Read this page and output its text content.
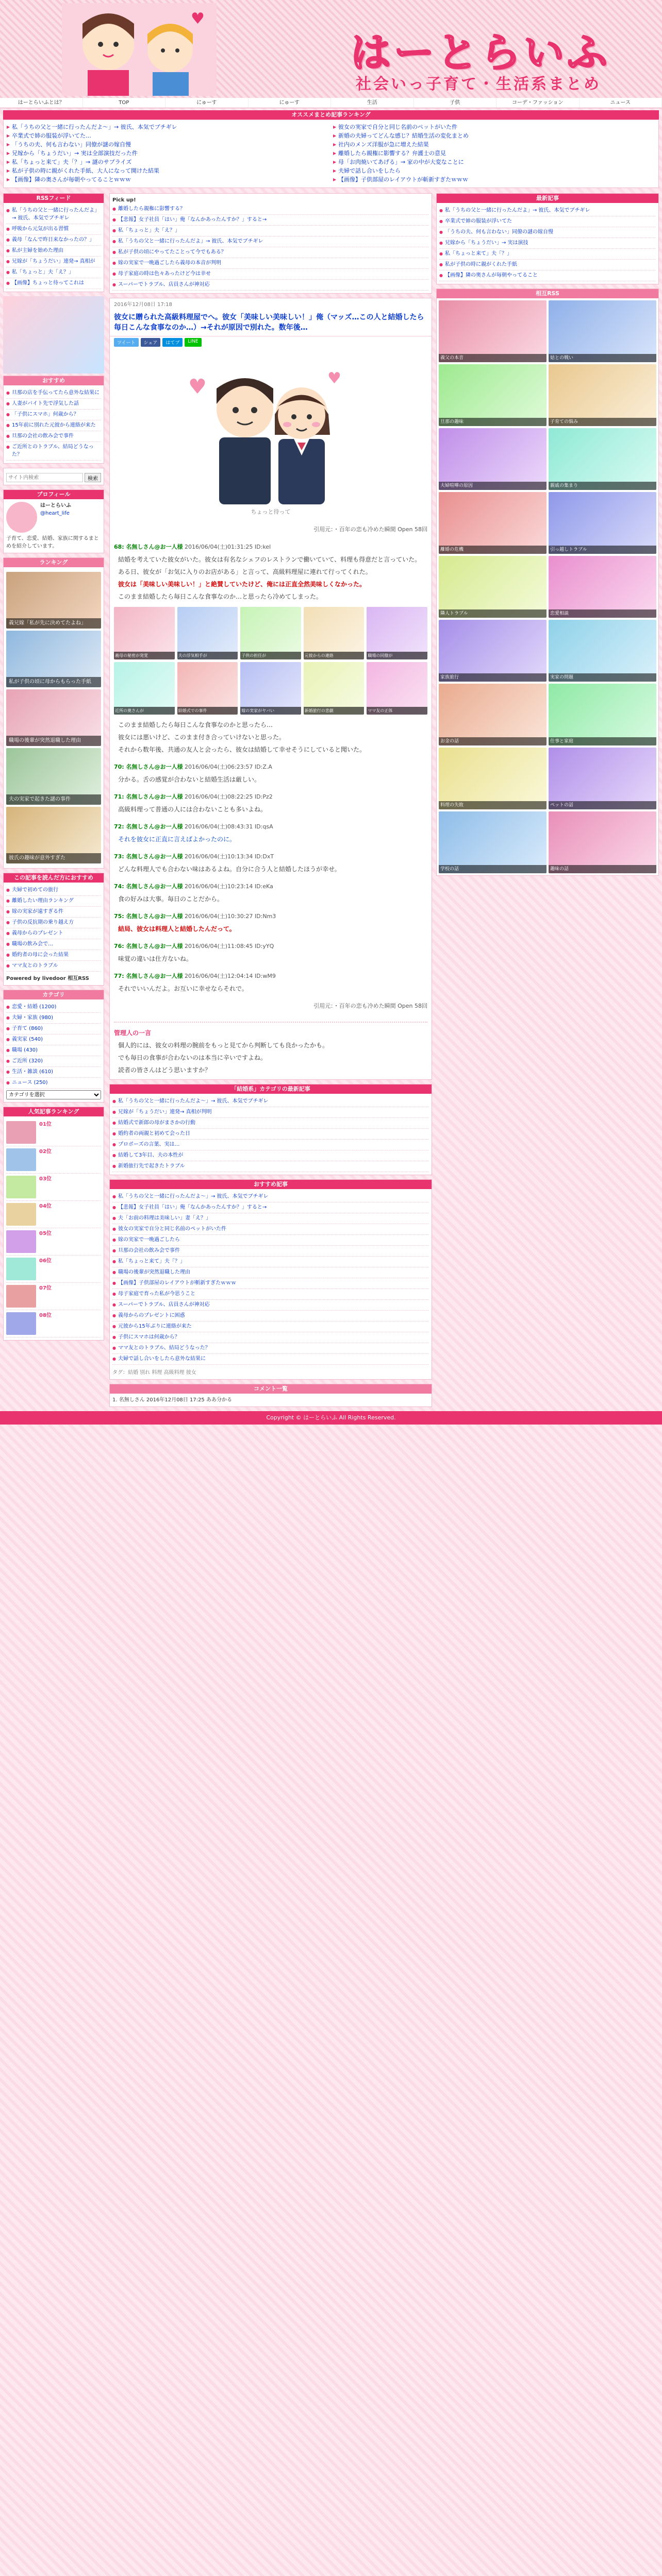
♥
はーとらいふ
社会いっ子育て・生活系まとめ
はーとらいふとは？	TOP	にゅーす	にゅーす	生活	子供	コーデ・ファッション	ニュース
オススメまとめ記事ランキング
▶ 私「うちの父と一緒に行ったんだよ～」→ 彼氏、本気でブチギレ
▶ 卒業式で姉の服装が浮いてた…
▶ 「うちの夫、何も言わない」同僚が謎の嫁自慢
▶ 兄嫁から「ちょうだい」→ 実は全部演技だった件
▶ 私「ちょっと来て」夫「？」→ 謎のサプライズ
▶ 私が子供の時に親がくれた手紙、大人になって開けた結果
▶ 【画像】隣の奥さんが毎朝やってることｗｗｗ
▶ 彼女の実家で自分と同じ名前のペットがいた件
▶ 新婚の夫婦ってどんな感じ？結婚生活の変化まとめ
▶ 社内のメンズ洋服が急に増えた結果
▶ 離婚したら親権に影響する？弁護士の意見
▶ 母「お肉焼いてあげる」→ 家の中が大変なことに
▶ 夫婦で話し合いをしたら
▶ 【画像】子供部屋のレイアウトが斬新すぎたｗｗｗ
RSSフィード
● 私「うちの父と一緒に行ったんだよ」→ 彼氏、本気でブチギレ
● 呼吸から元気が出る習慣
● 義母「なんで昨日来なかったの？」
● 私が主婦を始めた理由
● 兄嫁が「ちょうだい」連発→ 真相が
● 私「ちょっと」夫「え？」
● 【画像】ちょっと待ってこれは
おすすめ
● 旦那の店を手伝ってたら意外な結果に
● 人妻がバイト先で浮気した話
● 「子供にスマホ」何歳から？
● 15年前に別れた元彼から連絡が来た
● 旦那の会社の飲み会で事件
● ご近所とのトラブル、結局どうなった？
サイト内検索
検索
プロフィール
はーとらいふ
@heart_life
子育て、恋愛、結婚、家族に関するまとめを紹介しています。
ランキング
義兄嫁「私が先に決めてたよね」
私が子供の頃に母からもらった手紙
職場の後輩が突然退職した理由
夫の実家で起きた謎の事件
彼氏の趣味が意外すぎた
この記事を読んだ方におすすめ
● 夫婦で初めての旅行
● 離婚したい理由ランキング
● 嫁の実家が遠すぎる件
● 子供の反抗期の乗り越え方
● 義母からのプレゼント
● 職場の飲み会で…
● 婚約者の母に会った結果
● ママ友とのトラブル
Powered by livedoor 相互RSS
カテゴリ
● 恋愛・結婚 (1200)
● 夫婦・家族 (980)
● 子育て (860)
● 義実家 (540)
● 職場 (430)
● ご近所 (320)
● 生活・雑談 (610)
● ニュース (250)
カテゴリを選択
人気記事ランキング
01位
02位
03位
04位
05位
06位
07位
08位
Pick up!
● 離婚したら親権に影響する？
● 【悲報】女子社員「はい」俺「なんかあったんすか？」すると→
● 私「ちょっと」夫「え？」
● 私「うちの父と一緒に行ったんだよ」→ 彼氏、本気でブチギレ
● 私が子供の頃にやってたことって今でもある？
● 嫁の実家で一晩過ごしたら義母の本音が判明
● 母子家庭の時は色々あったけど今は幸せ
● スーパーでトラブル、店員さんが神対応
2016年12月08日 17:18
彼女に贈られた高級料理屋でへ。彼女「美味しい美味しい！」俺（マッズ…この人と結婚したら毎日こんな食事なのか…）→それが原因で別れた。数年後…
ツイート	シェア	はてブ	LINE
♥	♥
ちょっと待って
引用元：・百年の恋も冷めた瞬間 Open 58回
68: 名無しさん@お一人様 2016/06/04(土)01:31:25 ID:kel
結婚を考えていた彼女がいた。彼女は有名なシェフのレストランで働いていて、料理も得意だと言っていた。
ある日、彼女が「お気に入りのお店がある」と言って、高級料理屋に連れて行ってくれた。
彼女は「美味しい美味しい！」と絶賛していたけど、俺には正直全然美味しくなかった。
このまま結婚したら毎日こんな食事なのか…と思ったら冷めてしまった。
義母の秘密が発覚	夫の浮気相手が	子供の担任が	元彼からの連絡	職場の同僚が
近所の奥さんが	結婚式での事件	嫁の実家がヤバい	新婚旅行の悲劇	ママ友の正体
このまま結婚したら毎日こんな食事なのかと思ったら…
彼女には悪いけど、このまま付き合っていけないと思った。
それから数年後、共通の友人と会ったら、彼女は結婚して幸せそうにしていると聞いた。
70: 名無しさん@お一人様 2016/06/04(土)06:23:57 ID:Z.A
分かる。舌の感覚が合わないと結婚生活は厳しい。
71: 名無しさん@お一人様 2016/06/04(土)08:22:25 ID:Pz2
高級料理って普通の人には合わないことも多いよね。
72: 名無しさん@お一人様 2016/06/04(土)08:43:31 ID:qsA
それを彼女に正直に言えばよかったのに。
73: 名無しさん@お一人様 2016/06/04(土)10:13:34 ID:DxT
どんな料理人でも合わない味はあるよね。自分に合う人と結婚したほうが幸せ。
74: 名無しさん@お一人様 2016/06/04(土)10:23:14 ID:eKa
食の好みは大事。毎日のことだから。
75: 名無しさん@お一人様 2016/06/04(土)10:30:27 ID:Nm3
結局、彼女は料理人と結婚したんだって。
76: 名無しさん@お一人様 2016/06/04(土)11:08:45 ID:yYQ
味覚の違いは仕方ないね。
77: 名無しさん@お一人様 2016/06/04(土)12:04:14 ID:wM9
それでいいんだよ。お互いに幸せならそれで。
引用元：・百年の恋も冷めた瞬間 Open 58回
管理人の一言
個人的には、彼女の料理の腕前をもっと見てから判断しても良かったかも。
でも毎日の食事が合わないのは本当に辛いですよね。
読者の皆さんはどう思いますか？
「結婚系」カテゴリの最新記事
● 私「うちの父と一緒に行ったんだよ～」→ 彼氏、本気でブチギレ
● 兄嫁が「ちょうだい」連発→ 真相が判明
● 結婚式で新郎の母がまさかの行動
● 婚約者の両親と初めて会った日
● プロポーズの言葉、実は…
● 結婚して3年目、夫の本性が
● 新婚旅行先で起きたトラブル
おすすめ記事
● 私「うちの父と一緒に行ったんだよ～」→ 彼氏、本気でブチギレ
● 【悲報】女子社員「はい」俺「なんかあったんすか？」すると→
● 夫「お前の料理は美味しい」妻「え？」
● 彼女の実家で自分と同じ名前のペットがいた件
● 嫁の実家で一晩過ごしたら
● 旦那の会社の飲み会で事件
● 私「ちょっと来て」夫「？」
● 職場の後輩が突然退職した理由
● 【画像】子供部屋のレイアウトが斬新すぎたｗｗｗ
● 母子家庭で育った私が今思うこと
● スーパーでトラブル、店員さんが神対応
● 義母からのプレゼントに困惑
● 元彼から15年ぶりに連絡が来た
● 子供にスマホは何歳から？
● ママ友とのトラブル、結局どうなった？
● 夫婦で話し合いをしたら意外な結果に
タグ：結婚 別れ 料理 高級料理 彼女
コメント一覧
1. 名無しさん 2016年12月08日 17:25 ああ分かる
最新記事
● 私「うちの父と一緒に行ったんだよ」→ 彼氏、本気でブチギレ
● 卒業式で姉の服装が浮いてた
● 「うちの夫、何も言わない」同僚の謎の嫁自慢
● 兄嫁から「ちょうだい」→ 実は演技
● 私「ちょっと来て」夫「？」
● 私が子供の時に親がくれた手紙
● 【画像】隣の奥さんが毎朝やってること
相互RSS
義父の本音	姑との戦い
旦那の趣味	子育ての悩み
夫婦喧嘩の原因	親戚の集まり
離婚の危機	引っ越しトラブル
隣人トラブル	恋愛相談
家族旅行	実家の問題
お金の話	仕事と家庭
料理の失敗	ペットの話
学校の話	趣味の話
Copyright © はーとらいふ All Rights Reserved.
